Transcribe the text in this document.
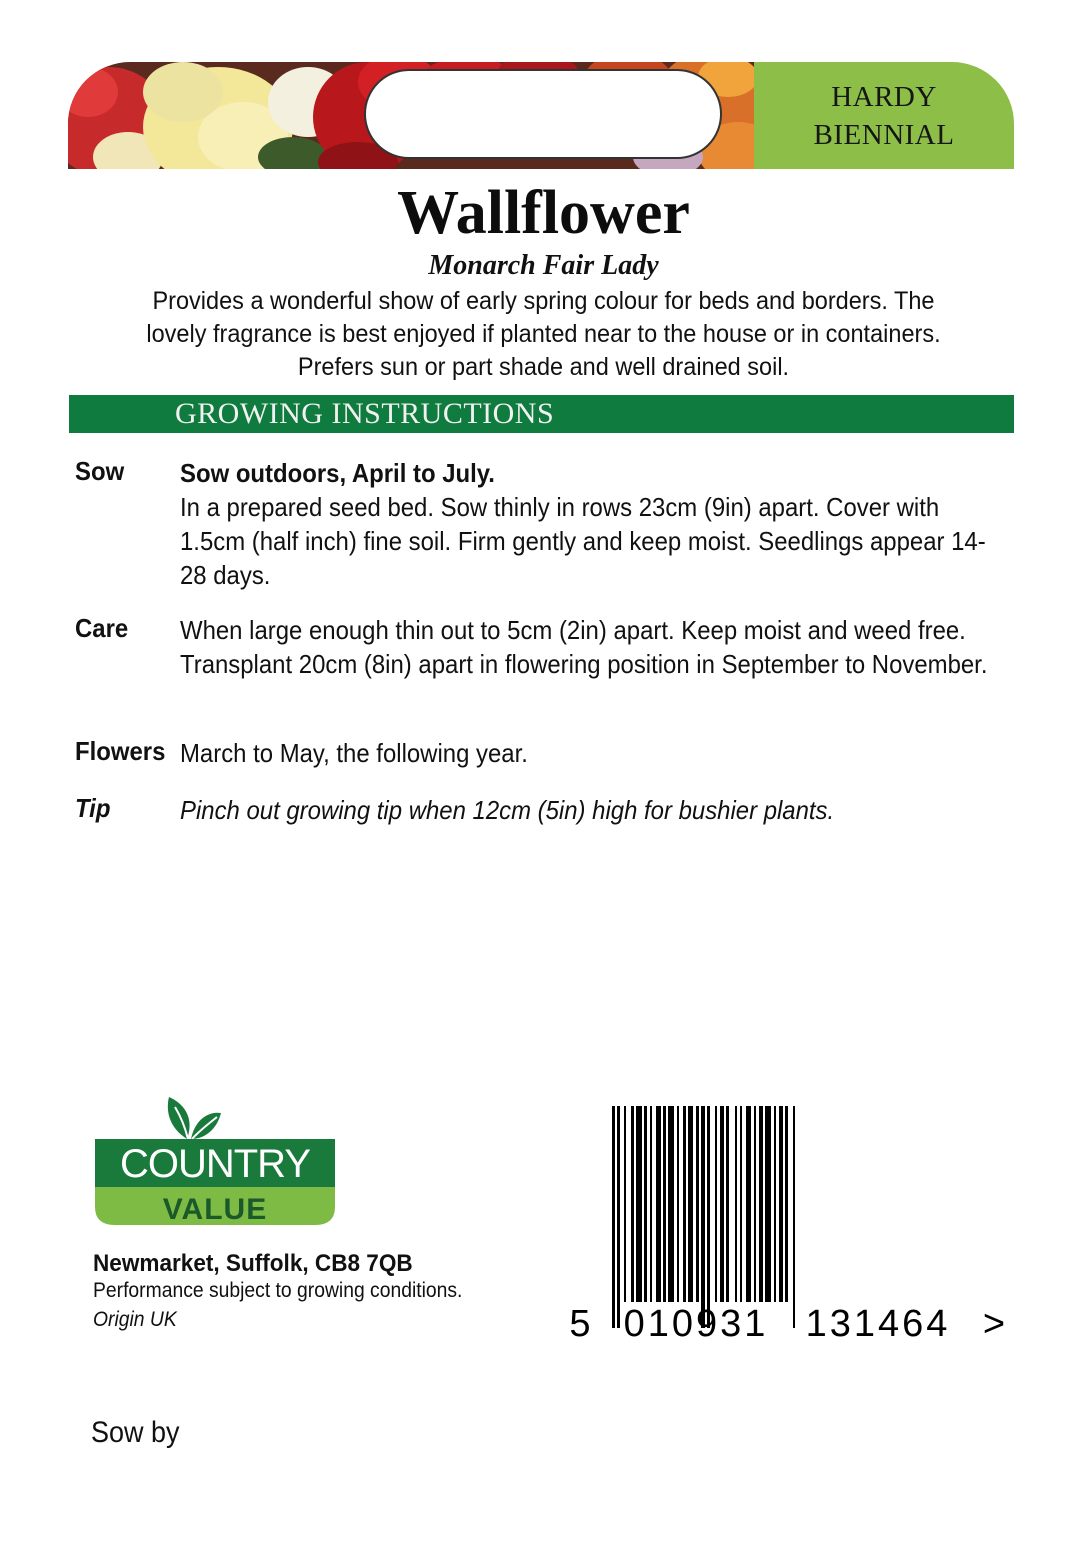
HARDY
BIENNIAL
Wallflower
Monarch Fair Lady
Provides a wonderful show of early spring colour for beds and borders. The lovely fragrance is best enjoyed if planted near to the house or in containers. Prefers sun or part shade and well drained soil.
GROWING INSTRUCTIONS
Sow Sow outdoors, April to July.
In a prepared seed bed. Sow thinly in rows 23cm (9in) apart. Cover with 1.5cm (half inch) fine soil. Firm gently and keep moist. Seedlings appear 14-28 days.
Care When large enough thin out to 5cm (2in) apart. Keep moist and weed free. Transplant 20cm (8in) apart in flowering position in September to November.
Flowers March to May, the following year.
Tip	Pinch out growing tip when 12cm (5in) high for bushier plants.
COUNTRY
VALUE
Newmarket, Suffolk, CB8 7QB
Performance subject to growing conditions.
Origin UK
Sow by
5 010931 131464 >
